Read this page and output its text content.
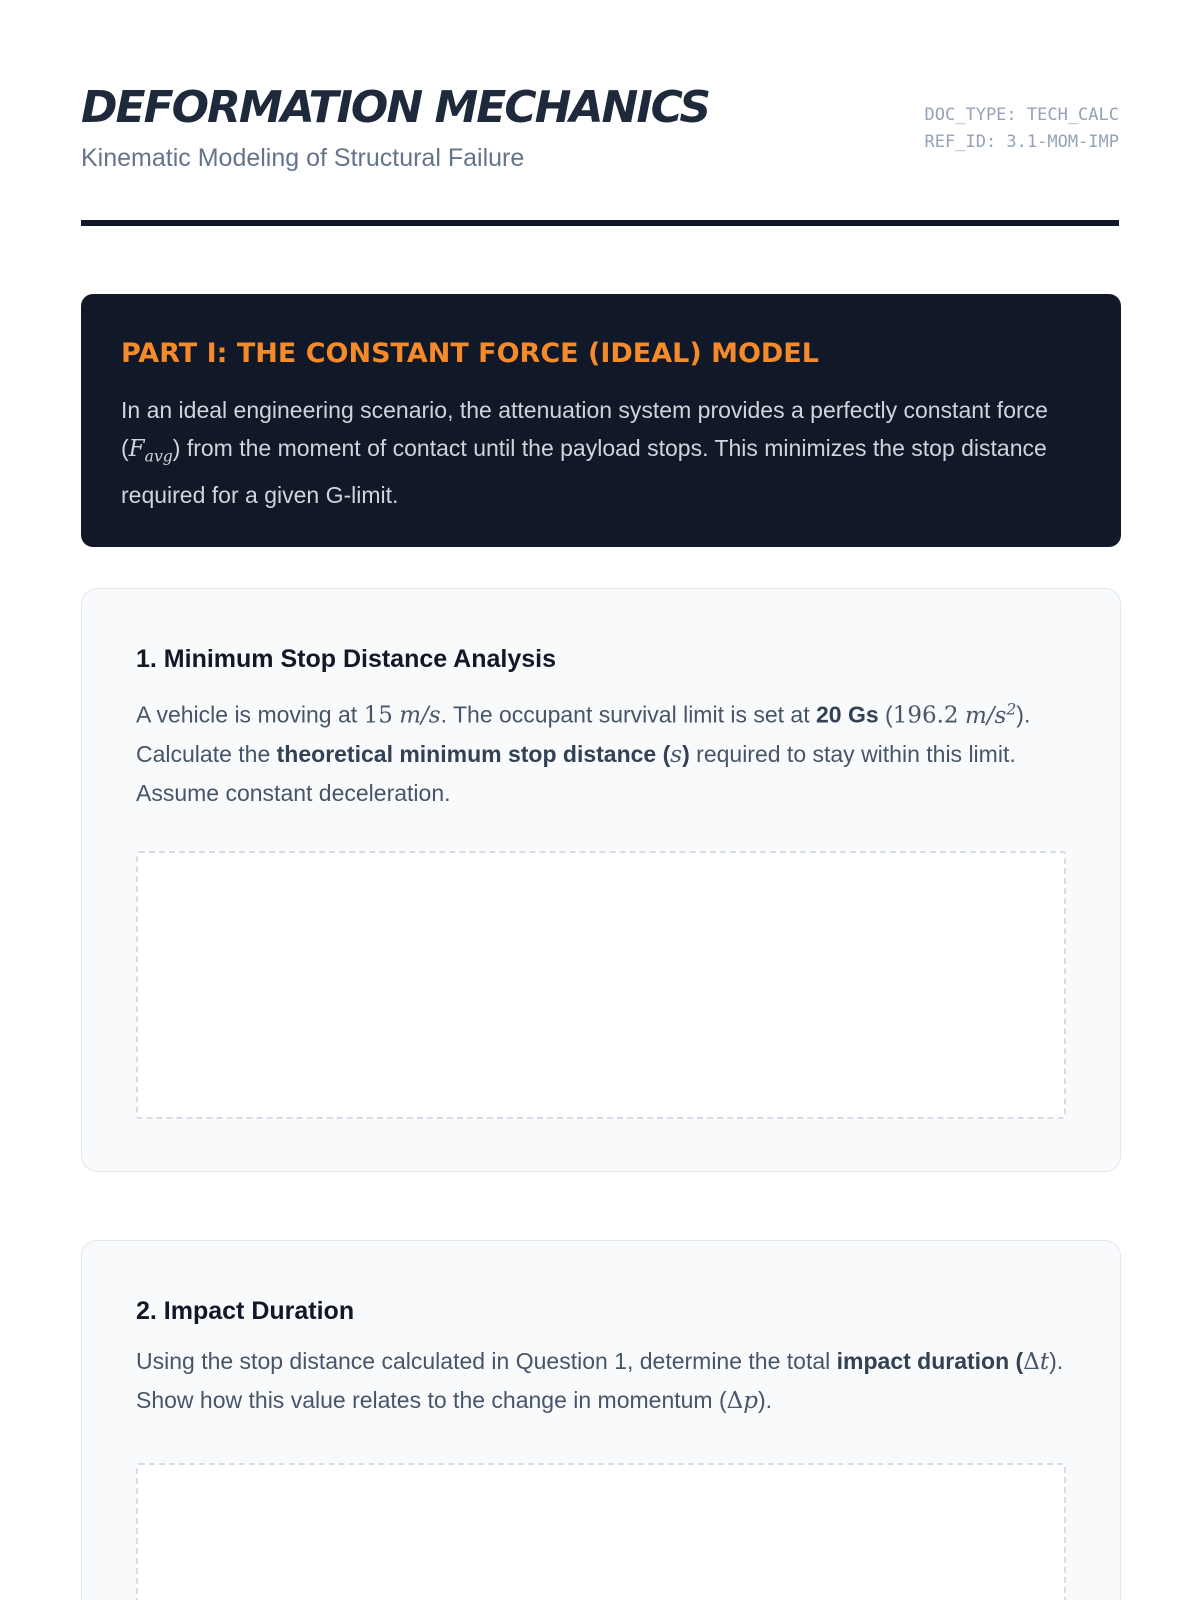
DEFORMATION MECHANICS
Kinematic Modeling of Structural Failure
DOC_TYPE: TECH_CALC
REF_ID: 3.1-MOM-IMP
PART I: THE CONSTANT FORCE (IDEAL) MODEL
In an ideal engineering scenario, the attenuation system provides a perfectly constant force $(F_{avg})$ from the moment of contact until the payload stops. This minimizes the stop distance required for a given G-limit.
1. Minimum Stop Distance Analysis
A vehicle is moving at 15 m/s. The occupant survival limit is set at 20 Gs (196.2 $m/s^2$). Calculate the theoretical minimum stop distance (s) required to stay within this limit. Assume constant deceleration.
2. Impact Duration
Using the stop distance calculated in Question 1, determine the total impact duration (Δt). Show how this value relates to the change in momentum (Δp).
